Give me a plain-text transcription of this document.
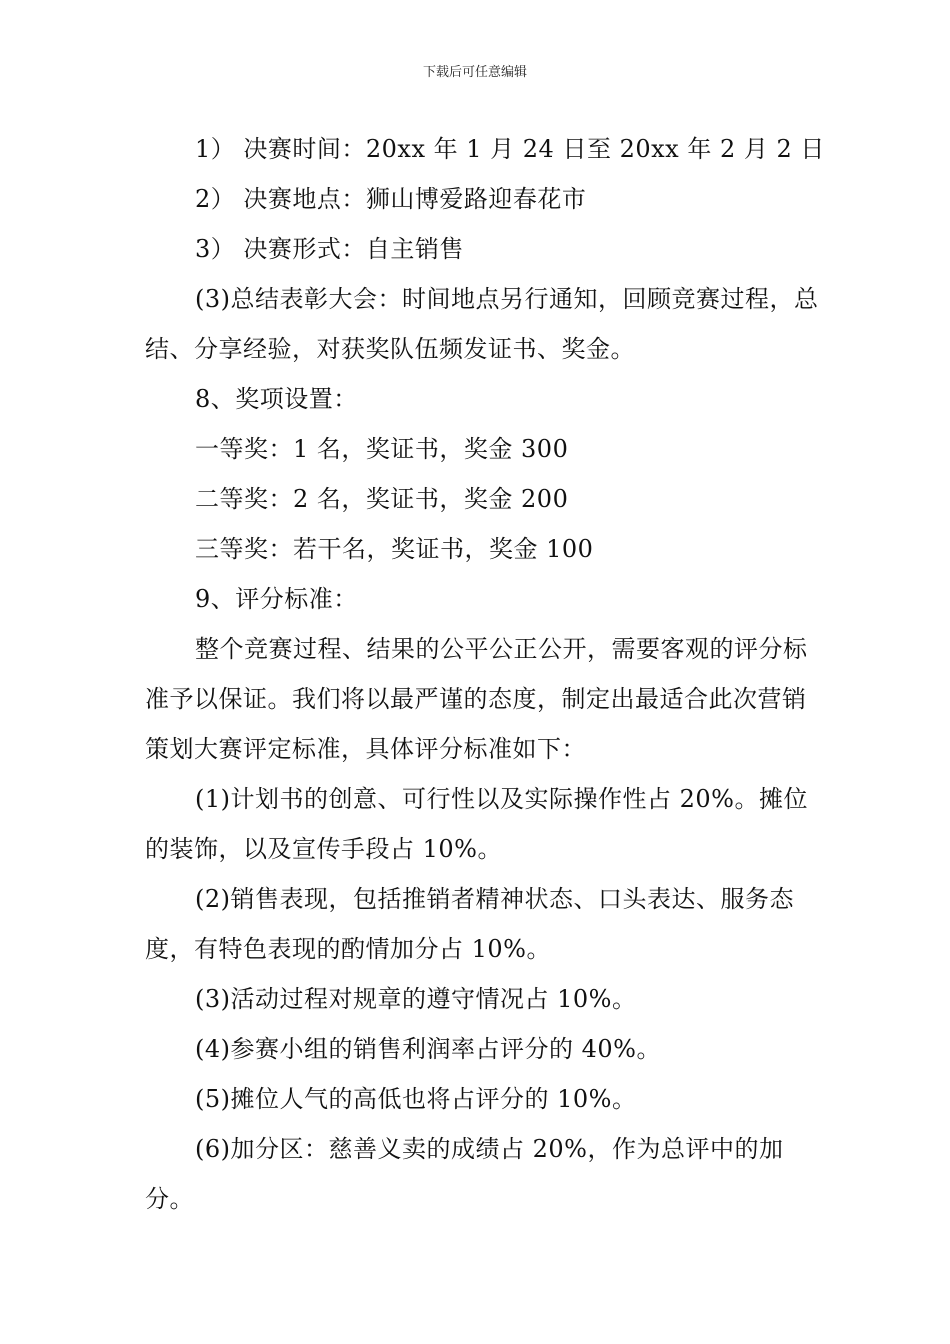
下载后可任意编辑

1） 决赛时间：20xx 年 1 月 24 日至 20xx 年 2 月 2 日

2） 决赛地点：狮山博爱路迎春花市

3） 决赛形式：自主销售

(3)总结表彰大会：时间地点另行通知，回顾竞赛过程，总结、分享经验，对获奖队伍频发证书、奖金。

8、奖项设置：

一等奖：1 名，奖证书，奖金 300

二等奖：2 名，奖证书，奖金 200

三等奖：若干名，奖证书，奖金 100

9、评分标准：

整个竞赛过程、结果的公平公正公开，需要客观的评分标准予以保证。我们将以最严谨的态度，制定出最适合此次营销策划大赛评定标准，具体评分标准如下：

(1)计划书的创意、可行性以及实际操作性占 20%。摊位的装饰，以及宣传手段占 10%。

(2)销售表现，包括推销者精神状态、口头表达、服务态度，有特色表现的酌情加分占 10%。

(3)活动过程对规章的遵守情况占 10%。

(4)参赛小组的销售利润率占评分的 40%。

(5)摊位人气的高低也将占评分的 10%。

(6)加分区：慈善义卖的成绩占 20%，作为总评中的加分。
